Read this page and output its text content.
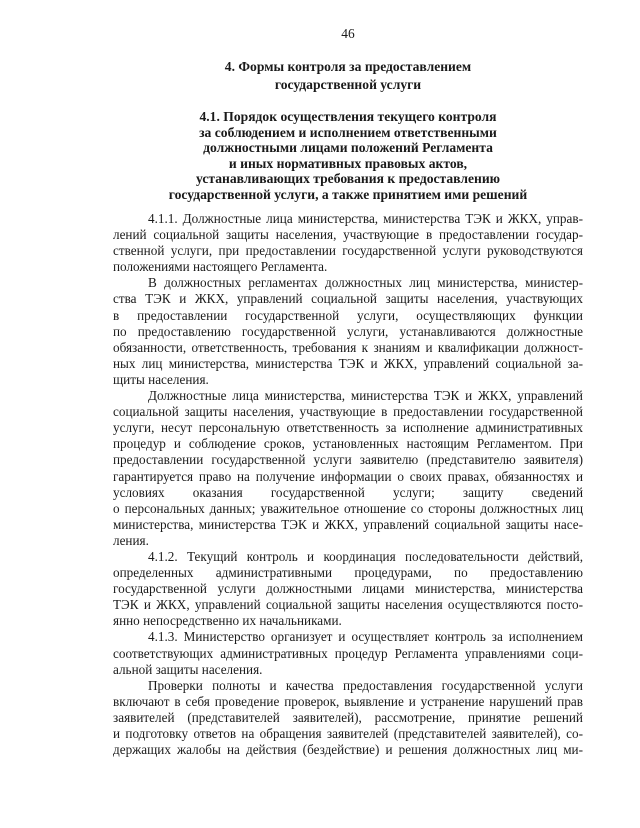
46
4. Формы контроля за предоставлением
государственной услуги
4.1. Порядок осуществления текущего контроля
за соблюдением и исполнением ответственными
должностными лицами положений Регламента
и иных нормативных правовых актов,
устанавливающих требования к предоставлению
государственной услуги, а также принятием ими решений
4.1.1. Должностные лица министерства, министерства ТЭК и ЖКХ, управ-
лений социальной защиты населения, участвующие в предоставлении государ-
ственной услуги, при предоставлении государственной услуги руководствуются
положениями настоящего Регламента.
В должностных регламентах должностных лиц министерства, министер-
ства ТЭК и ЖКХ, управлений социальной защиты населения, участвующих
в предоставлении государственной услуги, осуществляющих функции
по предоставлению государственной услуги, устанавливаются должностные
обязанности, ответственность, требования к знаниям и квалификации должност-
ных лиц министерства, министерства ТЭК и ЖКХ, управлений социальной за-
щиты населения.
Должностные лица министерства, министерства ТЭК и ЖКХ, управлений
социальной защиты населения, участвующие в предоставлении государственной
услуги, несут персональную ответственность за исполнение административных
процедур и соблюдение сроков, установленных настоящим Регламентом. При
предоставлении государственной услуги заявителю (представителю заявителя)
гарантируется право на получение информации о своих правах, обязанностях и
условиях оказания государственной услуги; защиту сведений
о персональных данных; уважительное отношение со стороны должностных лиц
министерства, министерства ТЭК и ЖКХ, управлений социальной защиты насе-
ления.
4.1.2. Текущий контроль и координация последовательности действий,
определенных административными процедурами, по предоставлению
государственной услуги должностными лицами министерства, министерства
ТЭК и ЖКХ, управлений социальной защиты населения осуществляются посто-
янно непосредственно их начальниками.
4.1.3. Министерство организует и осуществляет контроль за исполнением
соответствующих административных процедур Регламента управлениями соци-
альной защиты населения.
Проверки полноты и качества предоставления государственной услуги
включают в себя проведение проверок, выявление и устранение нарушений прав
заявителей (представителей заявителей), рассмотрение, принятие решений
и подготовку ответов на обращения заявителей (представителей заявителей), со-
держащих жалобы на действия (бездействие) и решения должностных лиц ми-
